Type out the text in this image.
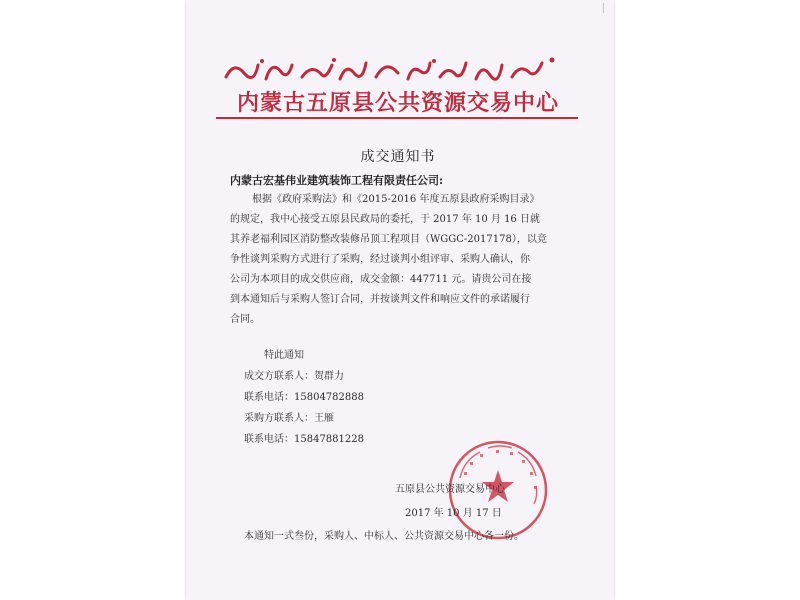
内蒙古五原县公共资源交易中心
成交通知书
内蒙古宏基伟业建筑装饰工程有限责任公司:
根据《政府采购法》和《2015-2016 年度五原县政府采购目录》
的规定，我中心接受五原县民政局的委托，于 2017 年 10 月 16 日就
其养老福利园区消防整改装修吊顶工程项目（WGGC-2017178），以竞
争性谈判采购方式进行了采购，经过谈判小组评审、采购人确认，你
公司为本项目的成交供应商，成交金额：447711 元。请贵公司在接
到本通知后与采购人签订合同，并按谈判文件和响应文件的承诺履行
合同。
特此通知
成交方联系人：贺群力
联系电话：15804782888
采购方联系人：王雁
联系电话：15847881228
五原县公共资源交易中心
2017 年 10 月 17 日
本通知一式叁份，采购人、中标人、公共资源交易中心各一份。
